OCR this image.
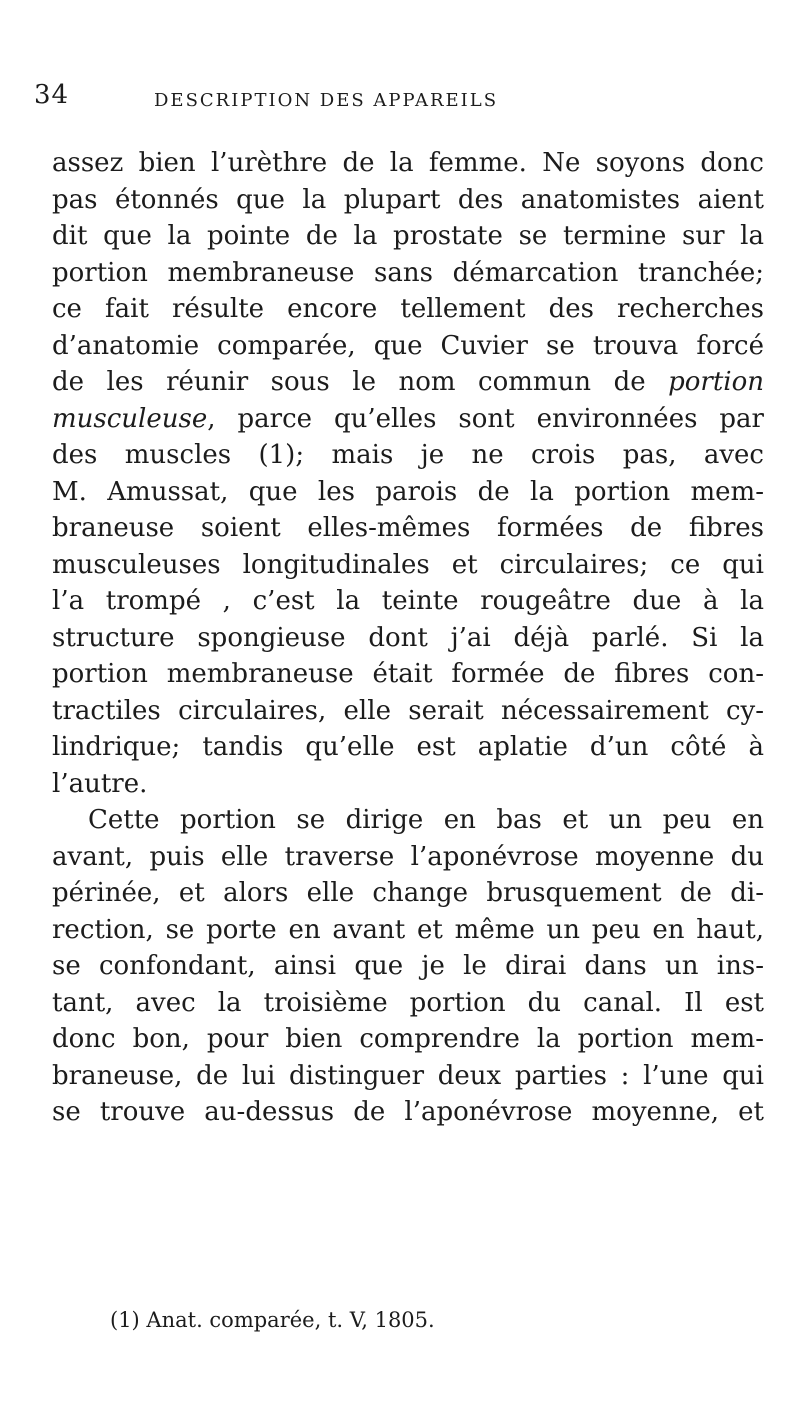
34	DESCRIPTION DES APPAREILS
assez bien l’urèthre de la femme. Ne soyons donc
pas étonnés que la plupart des anatomistes aient
dit que la pointe de la prostate se termine sur la
portion membraneuse sans démarcation tranchée;
ce fait résulte encore tellement des recherches
d’anatomie comparée, que Cuvier se trouva forcé
de les réunir sous le nom commun de portion
musculeuse, parce qu’elles sont environnées par
des muscles (1); mais je ne crois pas, avec
M. Amussat, que les parois de la portion mem-
braneuse soient elles-mêmes formées de fibres
musculeuses longitudinales et circulaires; ce qui
l’a trompé , c’est la teinte rougeâtre due à la
structure spongieuse dont j’ai déjà parlé. Si la
portion membraneuse était formée de fibres con-
tractiles circulaires, elle serait nécessairement cy-
lindrique; tandis qu’elle est aplatie d’un côté à
l’autre.
Cette portion se dirige en bas et un peu en
avant, puis elle traverse l’aponévrose moyenne du
périnée, et alors elle change brusquement de di-
rection, se porte en avant et même un peu en haut,
se confondant, ainsi que je le dirai dans un ins-
tant, avec la troisième portion du canal. Il est
donc bon, pour bien comprendre la portion mem-
braneuse, de lui distinguer deux parties : l’une qui
se trouve au-dessus de l’aponévrose moyenne, et
(1) Anat. comparée, t. V, 1805.
